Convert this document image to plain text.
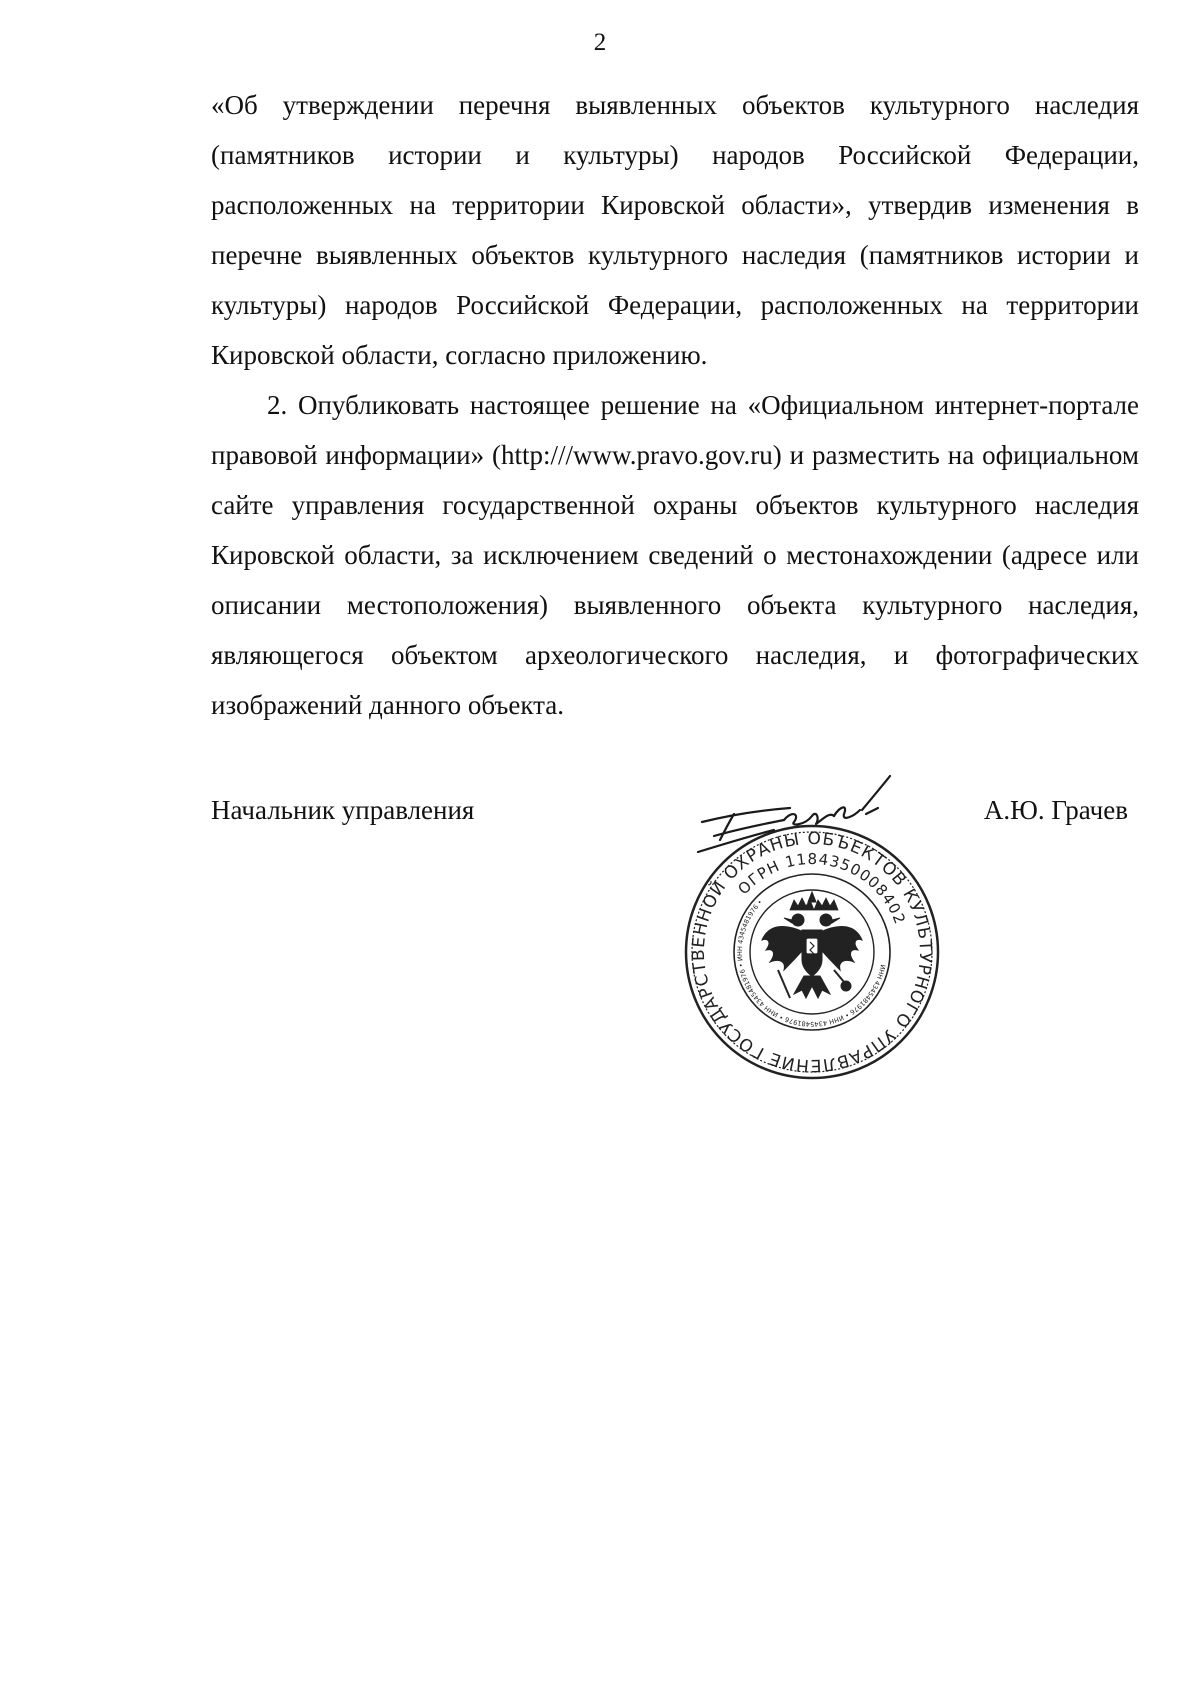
2

«Об утверждении перечня выявленных объектов культурного наследия (памятников истории и культуры) народов Российской Федерации, расположенных на территории Кировской области», утвердив изменения в перечне выявленных объектов культурного наследия (памятников истории и культуры) народов Российской Федерации, расположенных на территории Кировской области, согласно приложению.

2. Опубликовать настоящее решение на «Официальном интернет-портале правовой информации» (http:///www.pravo.gov.ru) и разместить на официальном сайте управления государственной охраны объектов культурного наследия Кировской области, за исключением сведений о местонахождении (адресе или описании местоположения) выявленного объекта культурного наследия, являющегося объектом археологического наследия, и фотографических изображений данного объекта.

Начальник управления	А.Ю. Грачев
УПРАВЛЕНИЕ ГОСУДАРСТВЕННОЙ ОХРАНЫ ОБЪЕКТОВ КУЛЬТУРНОГО
ОГРН 1184350008402
ИНН 4345481976 • ИНН 4345481976 • ИНН 4345481976 • ИНН 4345481976 •
